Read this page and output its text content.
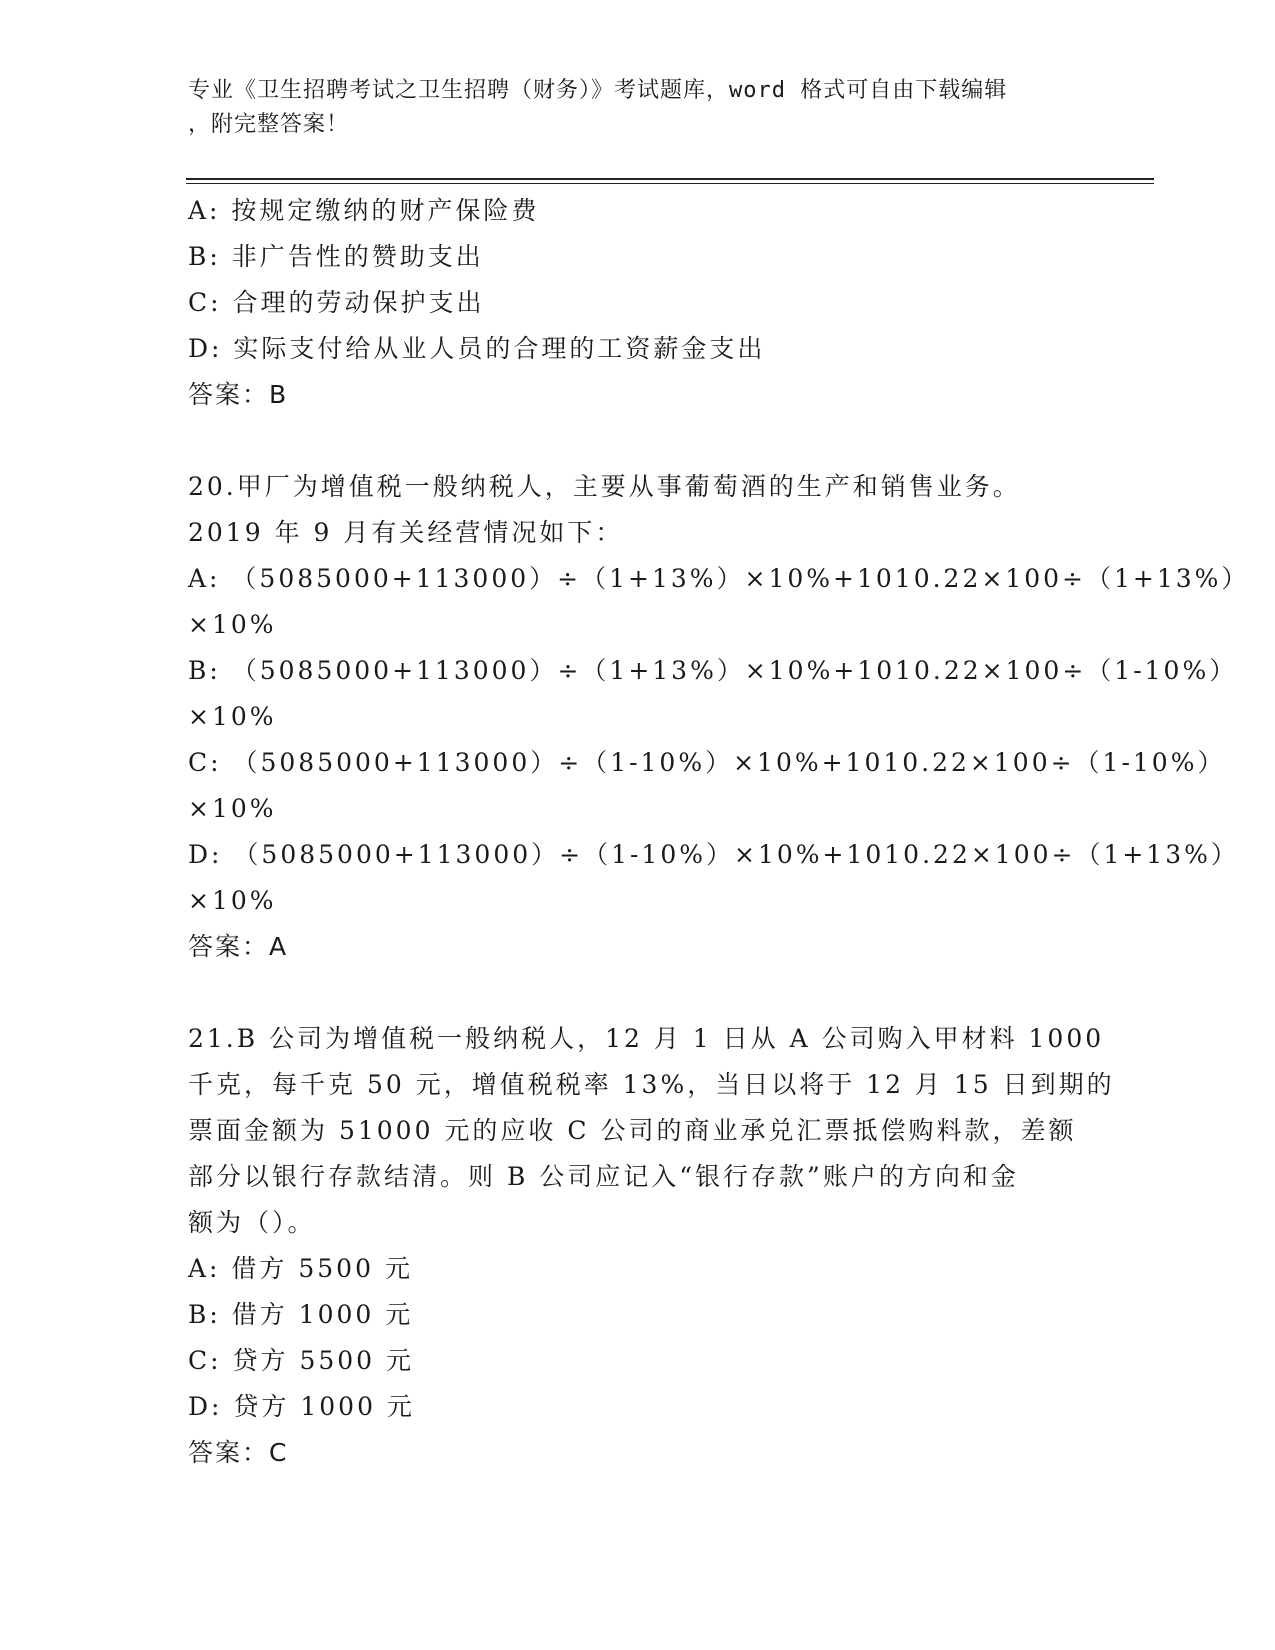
专业《卫生招聘考试之卫生招聘（财务）》考试题库，word 格式可自由下载编辑
，附完整答案！
A: 按规定缴纳的财产保险费
B: 非广告性的赞助支出
C: 合理的劳动保护支出
D: 实际支付给从业人员的合理的工资薪金支出
答案：B
20.甲厂为增值税一般纳税人，主要从事葡萄酒的生产和销售业务。
2019 年 9 月有关经营情况如下：
A: （5085000+113000）÷（1+13%）×10%+1010.22×100÷（1+13%）
×10%
B: （5085000+113000）÷（1+13%）×10%+1010.22×100÷（1-10%）
×10%
C: （5085000+113000）÷（1-10%）×10%+1010.22×100÷（1-10%）
×10%
D: （5085000+113000）÷（1-10%）×10%+1010.22×100÷（1+13%）
×10%
答案：A
21.B 公司为增值税一般纳税人，12 月 1 日从 A 公司购入甲材料 1000
千克，每千克 50 元，增值税税率 13%，当日以将于 12 月 15 日到期的
票面金额为 51000 元的应收 C 公司的商业承兑汇票抵偿购料款，差额
部分以银行存款结清。则 B 公司应记入“银行存款”账户的方向和金
额为（）。
A: 借方 5500 元
B: 借方 1000 元
C: 贷方 5500 元
D: 贷方 1000 元
答案：C
